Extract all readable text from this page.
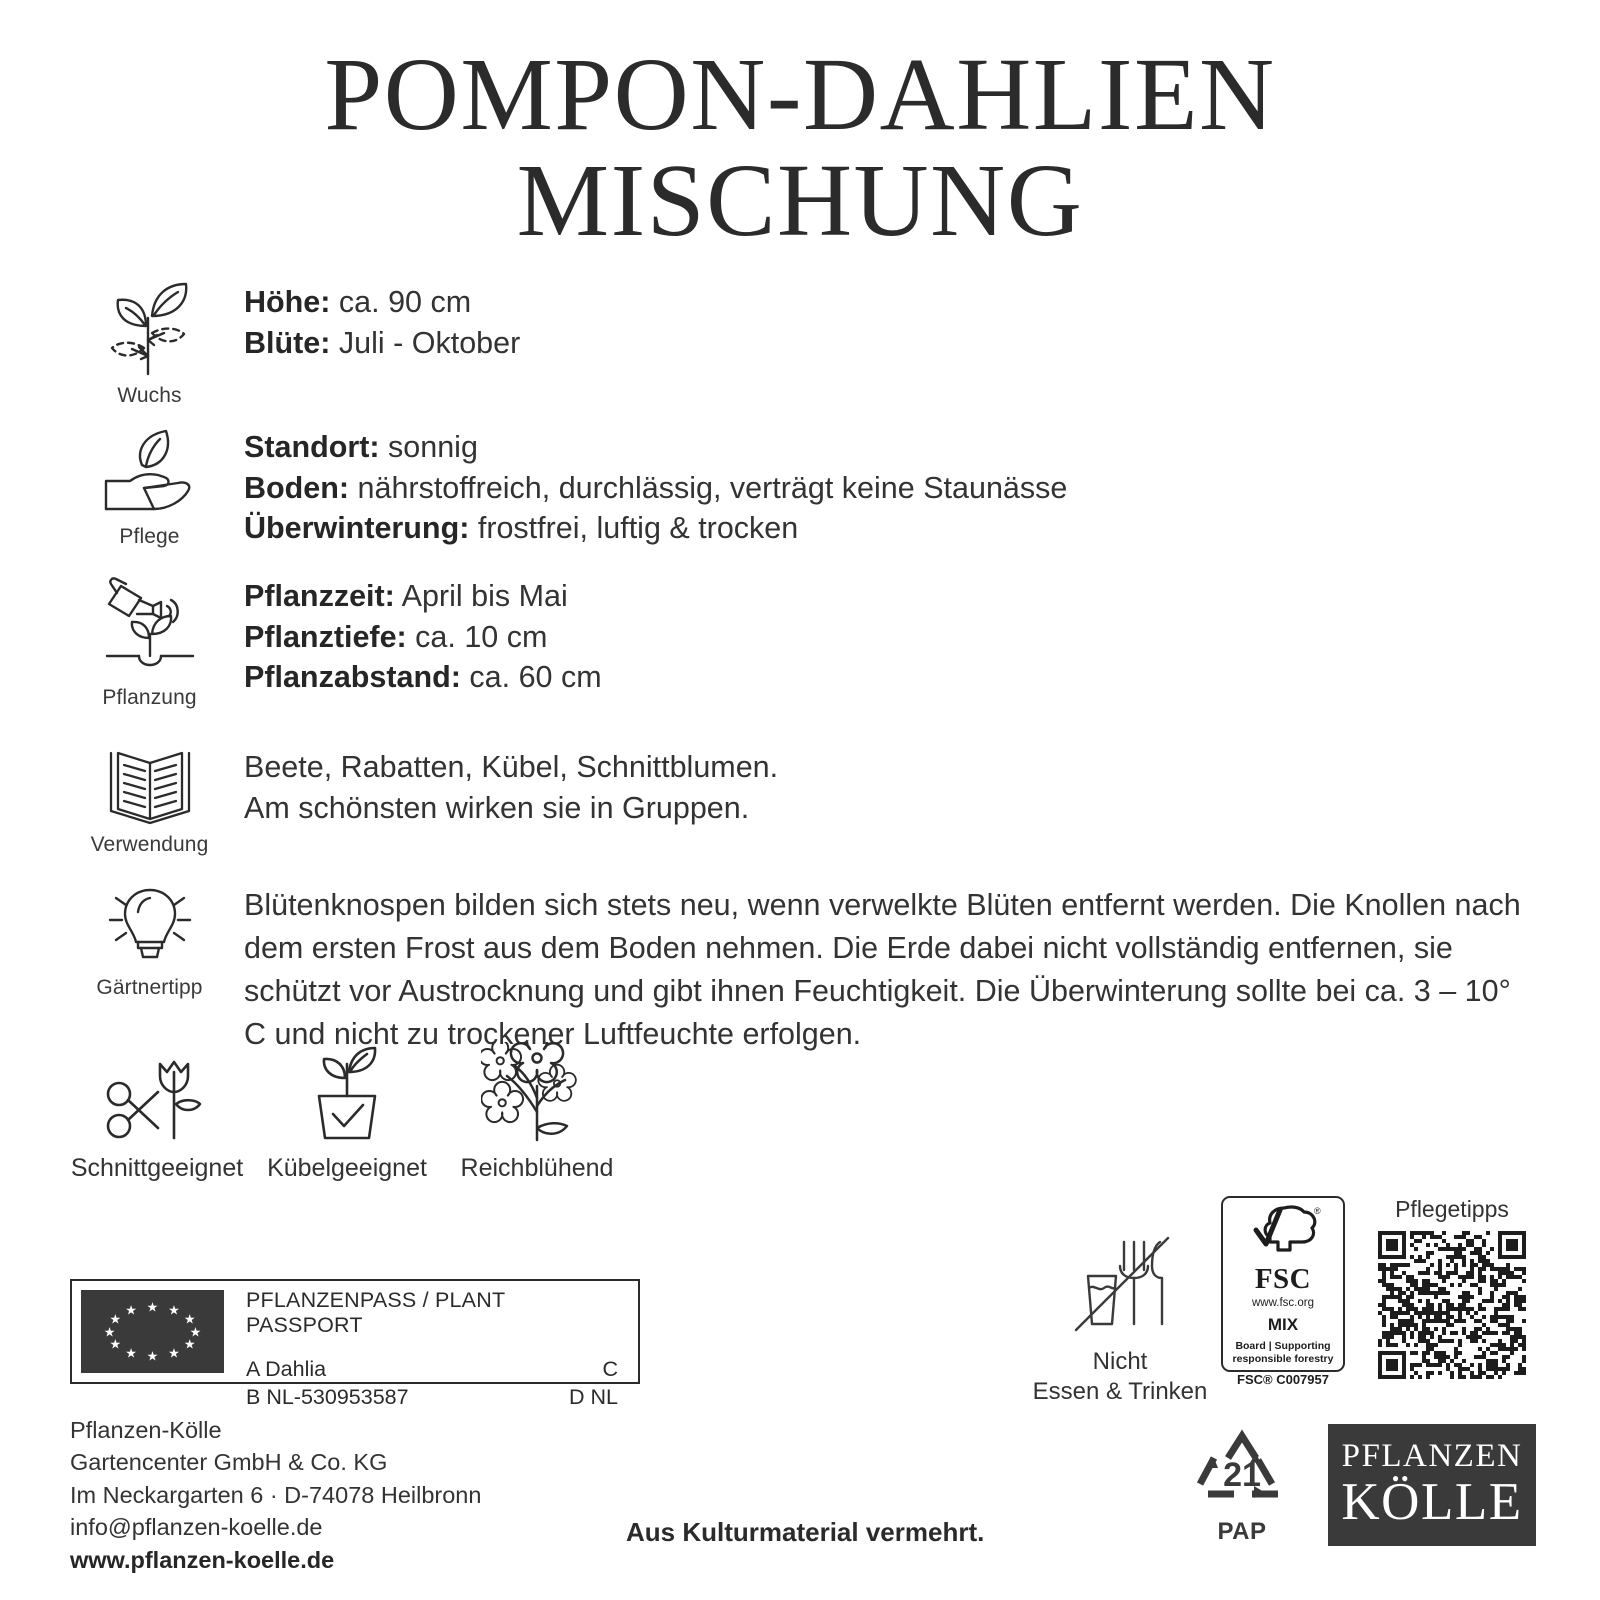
POMPON-DAHLIEN
MISCHUNG
Wuchs
Höhe: ca. 90 cm
Blüte: Juli - Oktober
Pflege
Standort: sonnig
Boden: nährstoffreich, durchlässig, verträgt keine Staunässe
Überwinterung: frostfrei, luftig & trocken
Pflanzung
Pflanzzeit: April bis Mai
Pflanztiefe: ca. 10 cm
Pflanzabstand: ca. 60 cm
Verwendung
Beete, Rabatten, Kübel, Schnittblumen.
Am schönsten wirken sie in Gruppen.
Gärtnertipp
Blütenknospen bilden sich stets neu, wenn verwelkte Blüten entfernt werden. Die Knollen nach dem ersten Frost aus dem Boden nehmen. Die Erde dabei nicht vollständig entfernen, sie schützt vor Austrocknung und gibt ihnen Feuchtigkeit. Die Überwinterung sollte bei ca. 3 – 10° C und nicht zu trockener Luftfeuchte erfolgen.
Schnittgeeignet Kübelgeeignet	Reichblühend
★ ★
★
★
★
★
★
★
★
★
★
★	PFLANZENPASS / PLANT PASSPORT
A Dahlia	C
B NL-530953587	D NL
Pflanzen-Kölle
Gartencenter GmbH & Co. KG
Im Neckargarten 6 · D-74078 Heilbronn
info@pflanzen-koelle.de
www.pflanzen-koelle.de
Aus Kulturmaterial vermehrt.
Nicht
Essen & Trinken
®
FSC
www.fsc.org
MIX
Board | Supporting
responsible forestry
FSC® C007957
Pflegetipps
21
PAP
PFLANZEN
KÖLLE
